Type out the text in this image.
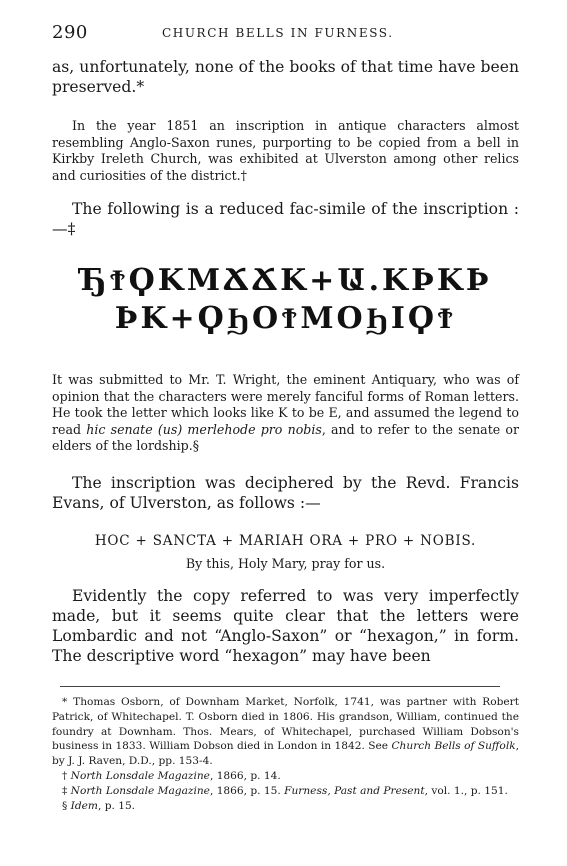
290	CHURCH BELLS IN FURNESS.

as, unfortunately, none of the books of that time have been preserved.*

In the year 1851 an inscription in antique characters almost resembling Anglo-Saxon runes, purporting to be copied from a bell in Kirkby Ireleth Church, was exhibited at Ulverston among other relics and curiosities of the district.†

The following is a reduced fac-simile of the inscription :—‡

ЂϮϘKMՃՃK+Ա.KϷKϷ
ϷK+ϘϦOϮMOϦIϘϮ

It was submitted to Mr. T. Wright, the eminent Antiquary, who was of opinion that the characters were merely fanciful forms of Roman letters. He took the letter which looks like K to be E, and assumed the legend to read hic senate (us) merlehode pro nobis, and to refer to the senate or elders of the lordship.§

The inscription was deciphered by the Revd. Francis Evans, of Ulverston, as follows :—

HOC + SANCTA + MARIAH ORA + PRO + NOBIS.
By this, Holy Mary, pray for us.

Evidently the copy referred to was very imperfectly made, but it seems quite clear that the letters were Lombardic and not “Anglo-Saxon” or “hexagon,” in form. The descriptive word “hexagon” may have been

* Thomas Osborn, of Downham Market, Norfolk, 1741, was partner with Robert Patrick, of Whitechapel. T. Osborn died in 1806. His grandson, William, continued the foundry at Downham. Thos. Mears, of Whitechapel, purchased William Dobson's business in 1833. William Dobson died in London in 1842. See Church Bells of Suffolk, by J. J. Raven, D.D., pp. 153-4.

† North Lonsdale Magazine, 1866, p. 14.

‡ North Lonsdale Magazine, 1866, p. 15. Furness, Past and Present, vol. 1., p. 151.

§ Idem, p. 15.
